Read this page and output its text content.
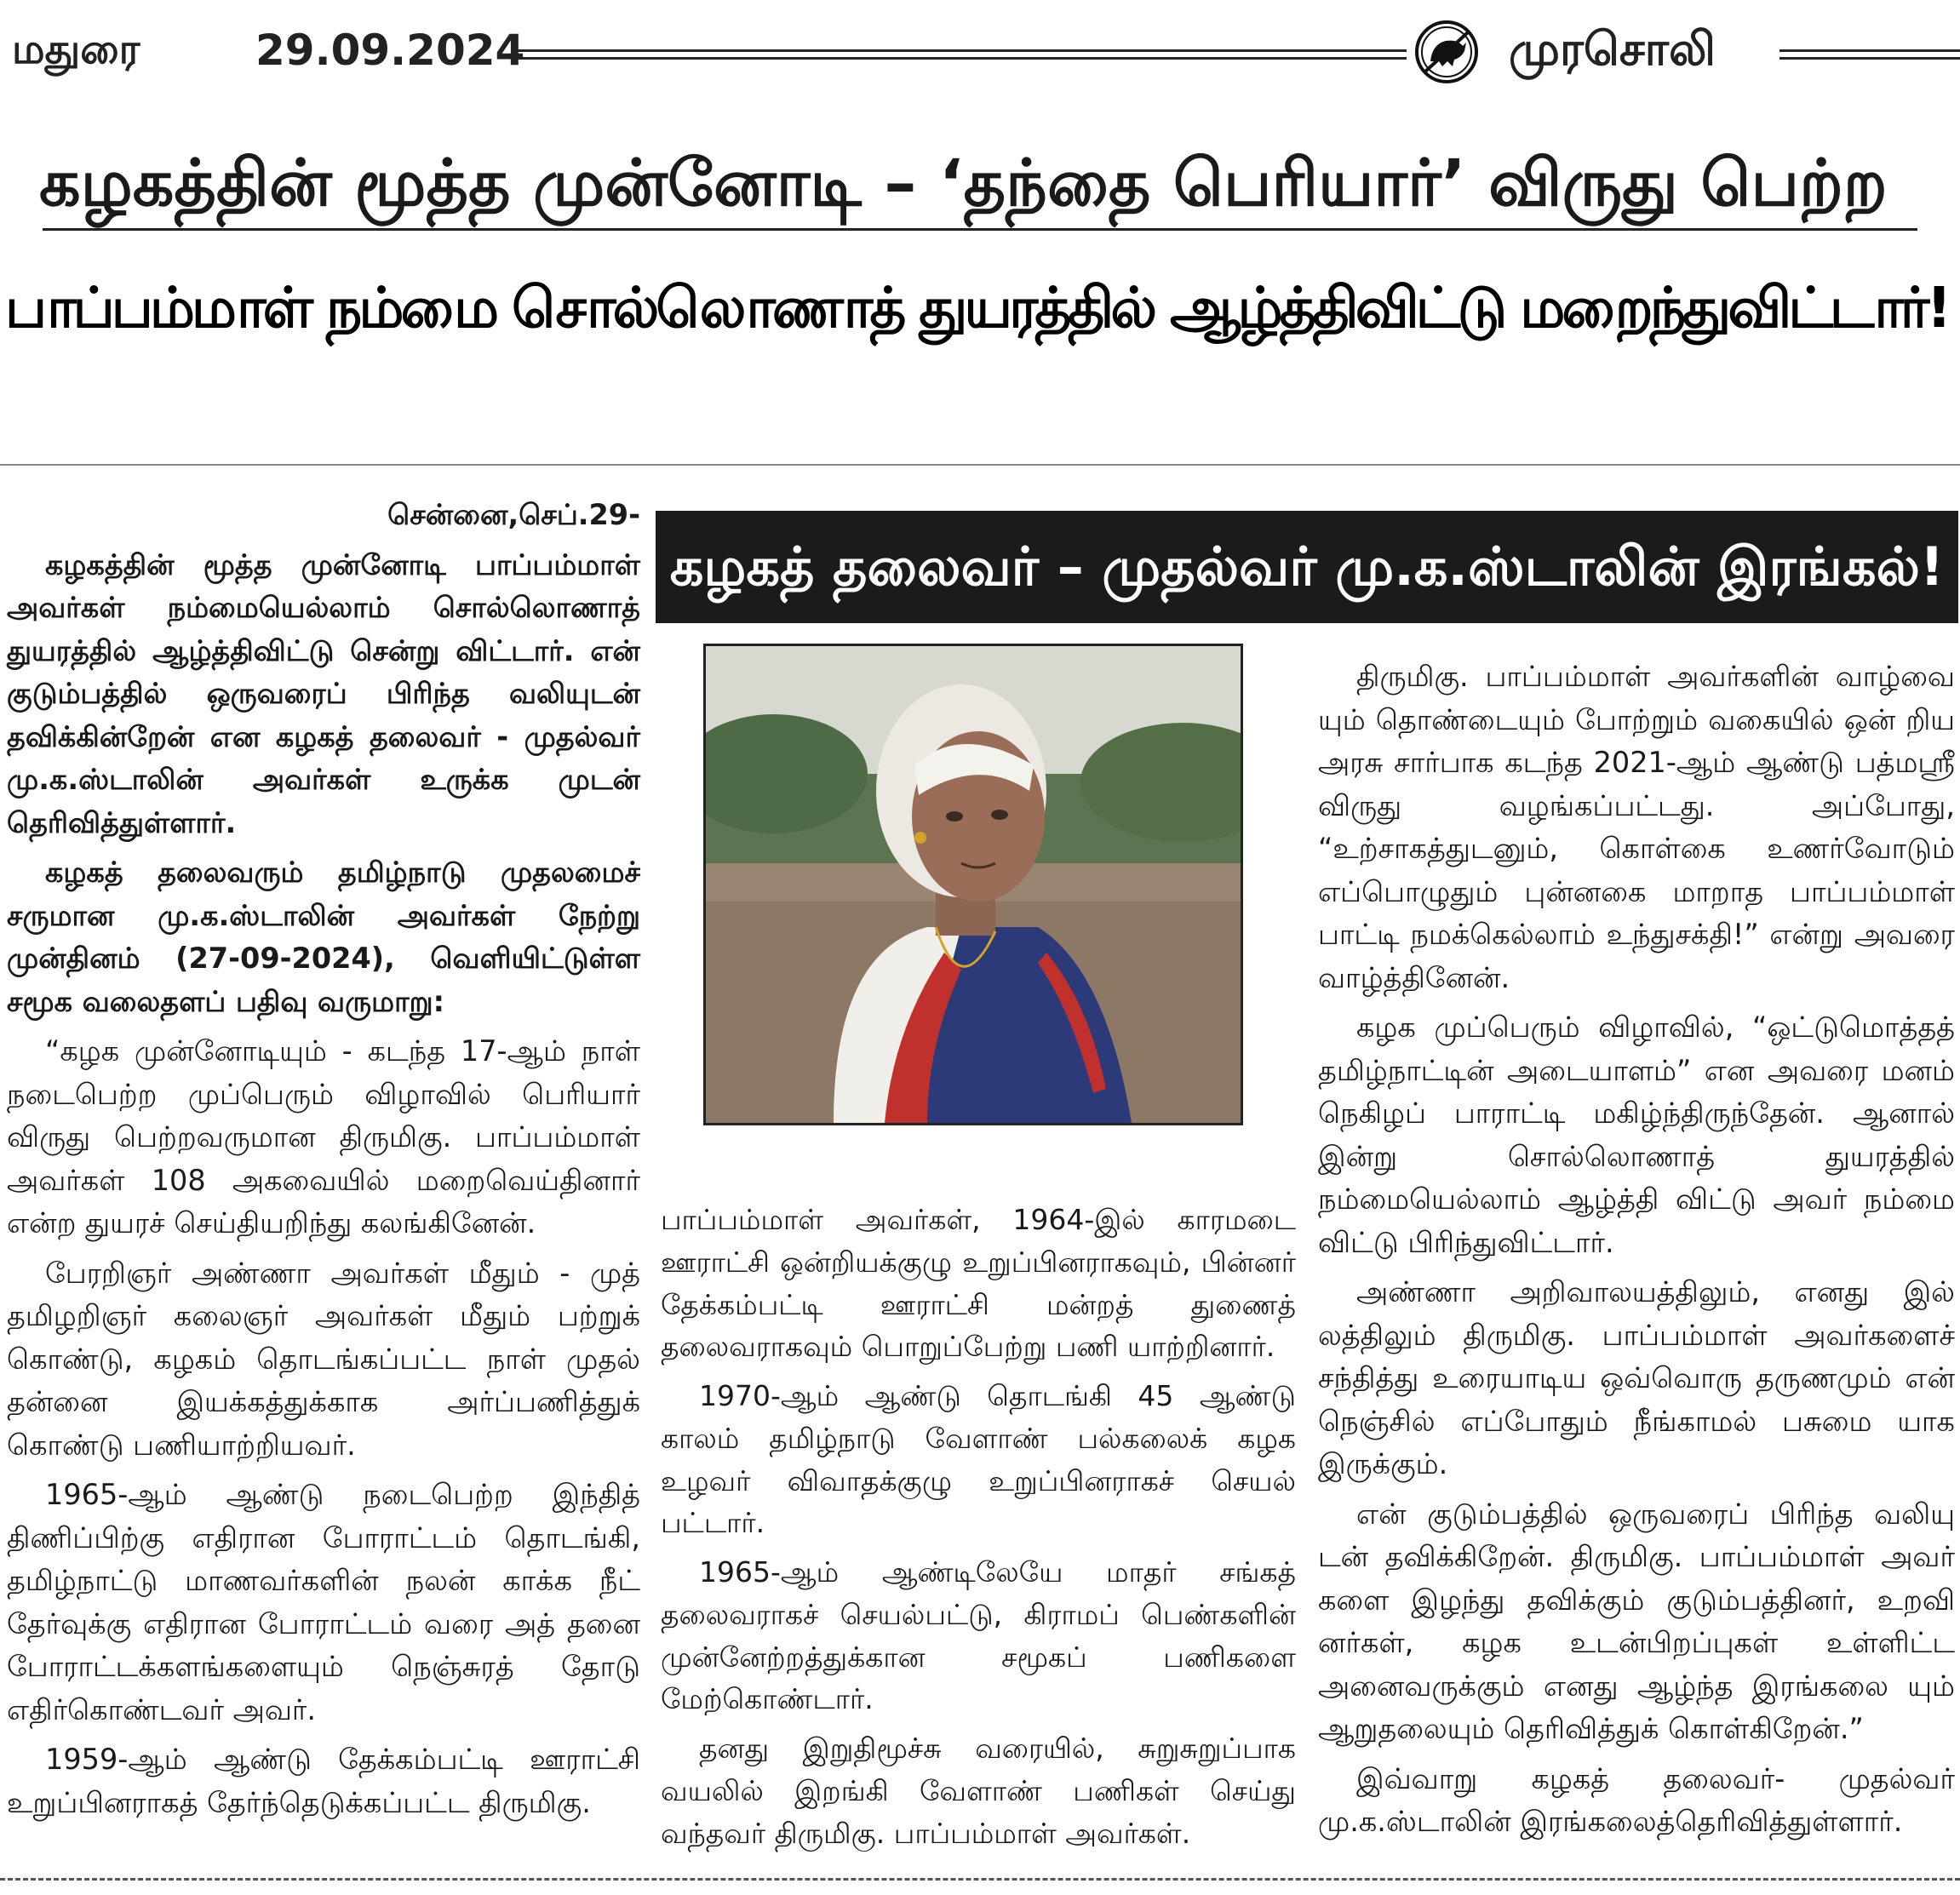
மதுரை	29.09.2024	முரசொலி
கழகத்தின் மூத்த முன்னோடி – ‘தந்தை பெரியார்’ விருது பெற்ற
பாப்பம்மாள் நம்மை சொல்லொணாத் துயரத்தில் ஆழ்த்திவிட்டு மறைந்துவிட்டார்!

சென்னை,செப்.29-

கழகத்தின் மூத்த முன்னோடி பாப்பம்மாள் அவர்கள் நம்மையெல்லாம் சொல்லொணாத் துயரத்தில் ஆழ்த்திவிட்டு சென்று விட்டார். என் குடும்பத்தில் ஒருவரைப் பிரிந்த வலியுடன் தவிக்கின்றேன் என கழகத் தலைவர் - முதல்வர் மு.க.ஸ்டாலின் அவர்கள் உருக்க முடன் தெரிவித்துள்ளார்.

கழகத் தலைவரும் தமிழ்நாடு முதலமைச் சருமான மு.க.ஸ்டாலின் அவர்கள் நேற்று முன்தினம் (27-09-2024), வெளியிட்டுள்ள சமூக வலைதளப் பதிவு வருமாறு:

“கழக முன்னோடியும் - கடந்த 17-ஆம் நாள் நடைபெற்ற முப்பெரும் விழாவில் பெரியார் விருது பெற்றவருமான திருமிகு. பாப்பம்மாள் அவர்கள் 108 அகவையில் மறைவெய்தினார் என்ற துயரச் செய்தியறிந்து கலங்கினேன்.

பேரறிஞர் அண்ணா அவர்கள் மீதும் - முத் தமிழறிஞர் கலைஞர் அவர்கள் மீதும் பற்றுக் கொண்டு, கழகம் தொடங்கப்பட்ட நாள் முதல் தன்னை இயக்கத்துக்காக அர்ப்பணித்துக் கொண்டு பணியாற்றியவர்.

1965-ஆம் ஆண்டு நடைபெற்ற இந்தித் திணிப்பிற்கு எதிரான போராட்டம் தொடங்கி, தமிழ்நாட்டு மாணவர்களின் நலன் காக்க நீட் தேர்வுக்கு எதிரான போராட்டம் வரை அத் தனை போராட்டக்களங்களையும் நெஞ்சுரத் தோடு எதிர்கொண்டவர் அவர்.

1959-ஆம் ஆண்டு தேக்கம்பட்டி ஊராட்சி உறுப்பினராகத் தேர்ந்தெடுக்கப்பட்ட திருமிகு.

கழகத் தலைவர் – முதல்வர் மு.க.ஸ்டாலின் இரங்கல்!

பாப்பம்மாள் அவர்கள், 1964-இல் காரமடை ஊராட்சி ஒன்றியக்குழு உறுப்பினராகவும், பின்னர் தேக்கம்பட்டி ஊராட்சி மன்றத் துணைத் தலைவராகவும் பொறுப்பேற்று பணி யாற்றினார்.

1970-ஆம் ஆண்டு தொடங்கி 45 ஆண்டு காலம் தமிழ்நாடு வேளாண் பல்கலைக் கழக உழவர் விவாதக்குழு உறுப்பினராகச் செயல் பட்டார்.

1965-ஆம் ஆண்டிலேயே மாதர் சங்கத் தலைவராகச் செயல்பட்டு, கிராமப் பெண்களின் முன்னேற்றத்துக்கான சமூகப் பணிகளை மேற்கொண்டார்.

தனது இறுதிமூச்சு வரையில், சுறுசுறுப்பாக வயலில் இறங்கி வேளாண் பணிகள் செய்து வந்தவர் திருமிகு. பாப்பம்மாள் அவர்கள்.

திருமிகு. பாப்பம்மாள் அவர்களின் வாழ்வை யும் தொண்டையும் போற்றும் வகையில் ஒன் றிய அரசு சார்பாக கடந்த 2021-ஆம் ஆண்டு பத்மஸ்ரீ விருது வழங்கப்பட்டது. அப்போது, “உற்சாகத்துடனும், கொள்கை உணர்வோடும் எப்பொழுதும் புன்னகை மாறாத பாப்பம்மாள் பாட்டி நமக்கெல்லாம் உந்துசக்தி!” என்று அவரை வாழ்த்தினேன்.

கழக முப்பெரும் விழாவில், “ஒட்டுமொத்தத் தமிழ்நாட்டின் அடையாளம்” என அவரை மனம் நெகிழப் பாராட்டி மகிழ்ந்திருந்தேன். ஆனால் இன்று சொல்லொணாத் துயரத்தில் நம்மையெல்லாம் ஆழ்த்தி விட்டு அவர் நம்மை விட்டு பிரிந்துவிட்டார்.

அண்ணா அறிவாலயத்திலும், எனது இல் லத்திலும் திருமிகு. பாப்பம்மாள் அவர்களைச் சந்தித்து உரையாடிய ஒவ்வொரு தருணமும் என் நெஞ்சில் எப்போதும் நீங்காமல் பசுமை யாக இருக்கும்.

என் குடும்பத்தில் ஒருவரைப் பிரிந்த வலியு டன் தவிக்கிறேன். திருமிகு. பாப்பம்மாள் அவர் களை இழந்து தவிக்கும் குடும்பத்தினர், உறவி னர்கள், கழக உடன்பிறப்புகள் உள்ளிட்ட அனைவருக்கும் எனது ஆழ்ந்த இரங்கலை யும் ஆறுதலையும் தெரிவித்துக் கொள்கிறேன்.”

இவ்வாறு கழகத் தலைவர்- முதல்வர் மு.க.ஸ்டாலின் இரங்கலைத்தெரிவித்துள்ளார்.
